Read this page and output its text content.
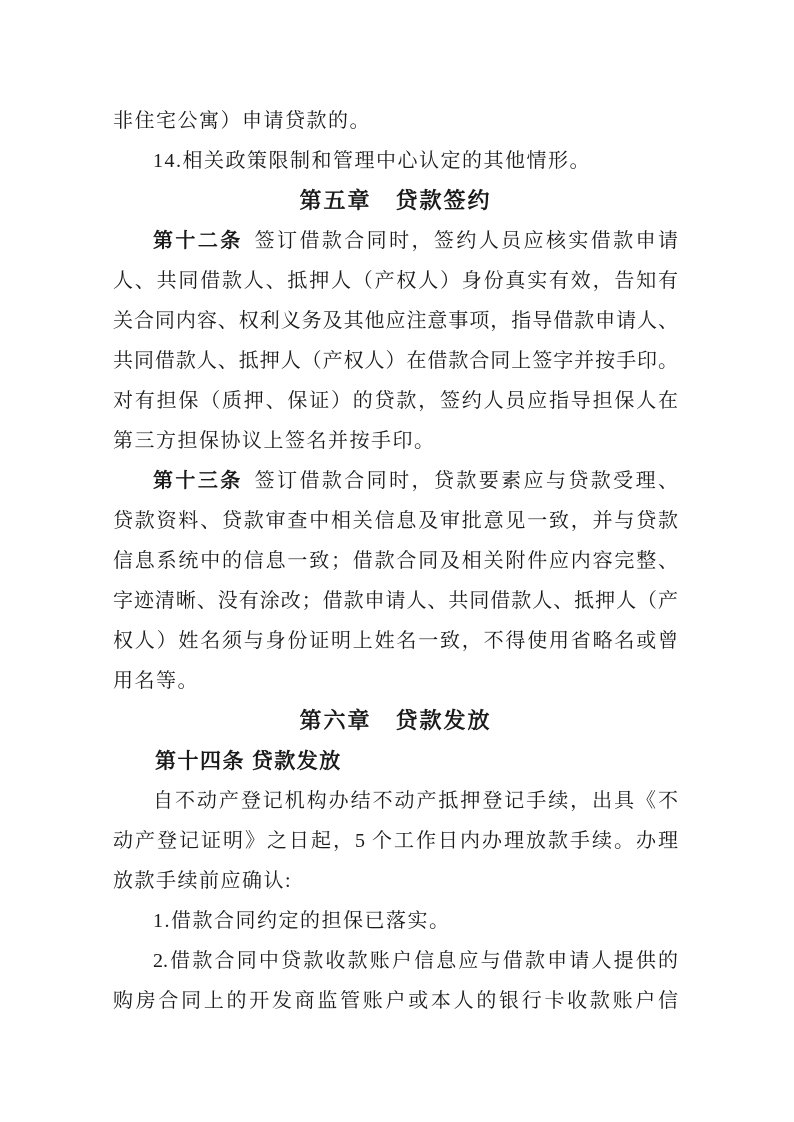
非住宅公寓）申请贷款的。
14.相关政策限制和管理中心认定的其他情形。
第五章　贷款签约
第十二条 签订借款合同时，签约人员应核实借款申请
人、共同借款人、抵押人（产权人）身份真实有效，告知有
关合同内容、权利义务及其他应注意事项，指导借款申请人、
共同借款人、抵押人（产权人）在借款合同上签字并按手印。
对有担保（质押、保证）的贷款，签约人员应指导担保人在
第三方担保协议上签名并按手印。
第十三条 签订借款合同时，贷款要素应与贷款受理、
贷款资料、贷款审查中相关信息及审批意见一致，并与贷款
信息系统中的信息一致；借款合同及相关附件应内容完整、
字迹清晰、没有涂改；借款申请人、共同借款人、抵押人（产
权人）姓名须与身份证明上姓名一致，不得使用省略名或曾
用名等。
第六章　贷款发放
第十四条 贷款发放
自不动产登记机构办结不动产抵押登记手续，出具《不
动产登记证明》之日起，5 个工作日内办理放款手续。办理
放款手续前应确认:
1.借款合同约定的担保已落实。
2.借款合同中贷款收款账户信息应与借款申请人提供的
购房合同上的开发商监管账户或本人的银行卡收款账户信
